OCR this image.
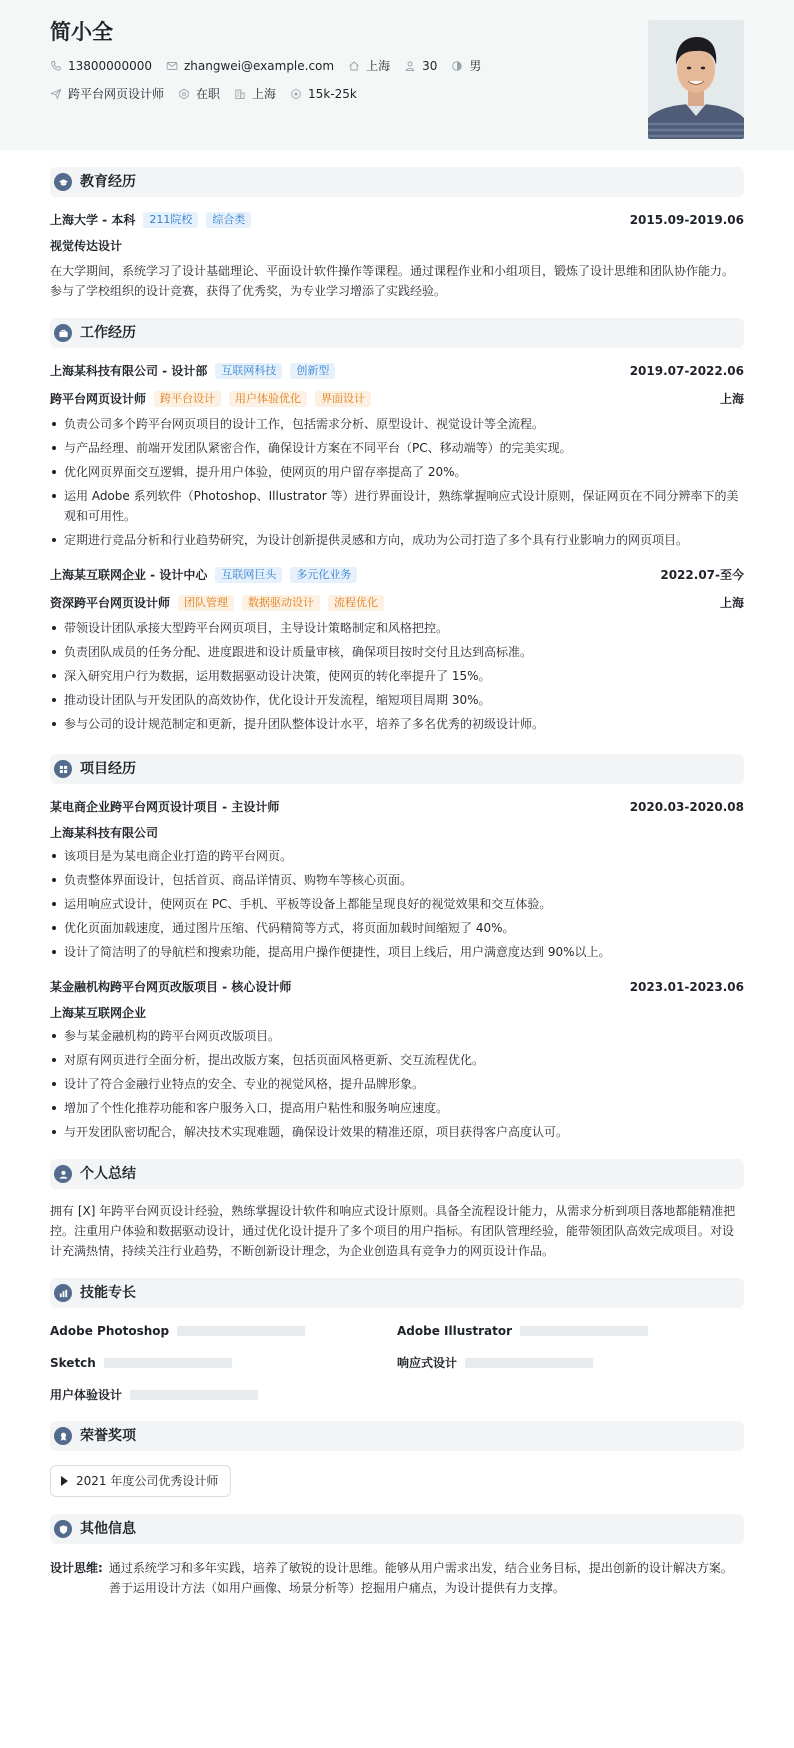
简小全
13800000000	zhangwei@example.com	上海	30	男
跨平台网页设计师	在职	上海	15k-25k
教育经历
上海大学 - 本科	211院校	综合类	2015.09-2019.06
视觉传达设计
在大学期间，系统学习了设计基础理论、平面设计软件操作等课程。通过课程作业和小组项目，锻炼了设计思维和团队协作能力。参与了学校组织的设计竞赛，获得了优秀奖，为专业学习增添了实践经验。
工作经历
上海某科技有限公司 - 设计部	互联网科技	创新型	2019.07-2022.06
跨平台网页设计师	跨平台设计	用户体验优化	界面设计	上海
负责公司多个跨平台网页项目的设计工作，包括需求分析、原型设计、视觉设计等全流程。
与产品经理、前端开发团队紧密合作，确保设计方案在不同平台（PC、移动端等）的完美实现。
优化网页界面交互逻辑，提升用户体验，使网页的用户留存率提高了 20%。
运用 Adobe 系列软件（Photoshop、Illustrator 等）进行界面设计，熟练掌握响应式设计原则，保证网页在不同分辨率下的美观和可用性。
定期进行竞品分析和行业趋势研究，为设计创新提供灵感和方向，成功为公司打造了多个具有行业影响力的网页项目。
上海某互联网企业 - 设计中心	互联网巨头	多元化业务	2022.07-至今
资深跨平台网页设计师	团队管理	数据驱动设计	流程优化	上海
带领设计团队承接大型跨平台网页项目，主导设计策略制定和风格把控。
负责团队成员的任务分配、进度跟进和设计质量审核，确保项目按时交付且达到高标准。
深入研究用户行为数据，运用数据驱动设计决策，使网页的转化率提升了 15%。
推动设计团队与开发团队的高效协作，优化设计开发流程，缩短项目周期 30%。
参与公司的设计规范制定和更新，提升团队整体设计水平，培养了多名优秀的初级设计师。
项目经历
某电商企业跨平台网页设计项目 - 主设计师	2020.03-2020.08
上海某科技有限公司
该项目是为某电商企业打造的跨平台网页。
负责整体界面设计，包括首页、商品详情页、购物车等核心页面。
运用响应式设计，使网页在 PC、手机、平板等设备上都能呈现良好的视觉效果和交互体验。
优化页面加载速度，通过图片压缩、代码精简等方式，将页面加载时间缩短了 40%。
设计了简洁明了的导航栏和搜索功能，提高用户操作便捷性，项目上线后，用户满意度达到 90%以上。
某金融机构跨平台网页改版项目 - 核心设计师	2023.01-2023.06
上海某互联网企业
参与某金融机构的跨平台网页改版项目。
对原有网页进行全面分析，提出改版方案，包括页面风格更新、交互流程优化。
设计了符合金融行业特点的安全、专业的视觉风格，提升品牌形象。
增加了个性化推荐功能和客户服务入口，提高用户粘性和服务响应速度。
与开发团队密切配合，解决技术实现难题，确保设计效果的精准还原，项目获得客户高度认可。
个人总结
拥有 [X] 年跨平台网页设计经验，熟练掌握设计软件和响应式设计原则。具备全流程设计能力，从需求分析到项目落地都能精准把控。注重用户体验和数据驱动设计，通过优化设计提升了多个项目的用户指标。有团队管理经验，能带领团队高效完成项目。对设计充满热情，持续关注行业趋势，不断创新设计理念，为企业创造具有竞争力的网页设计作品。
技能专长
Adobe Photoshop	Adobe Illustrator
Sketch	响应式设计
用户体验设计
荣誉奖项
2021 年度公司优秀设计师
其他信息
设计思维: 通过系统学习和多年实践，培养了敏锐的设计思维。能够从用户需求出发，结合业务目标，提出创新的设计解决方案。善于运用设计方法（如用户画像、场景分析等）挖掘用户痛点，为设计提供有力支撑。
